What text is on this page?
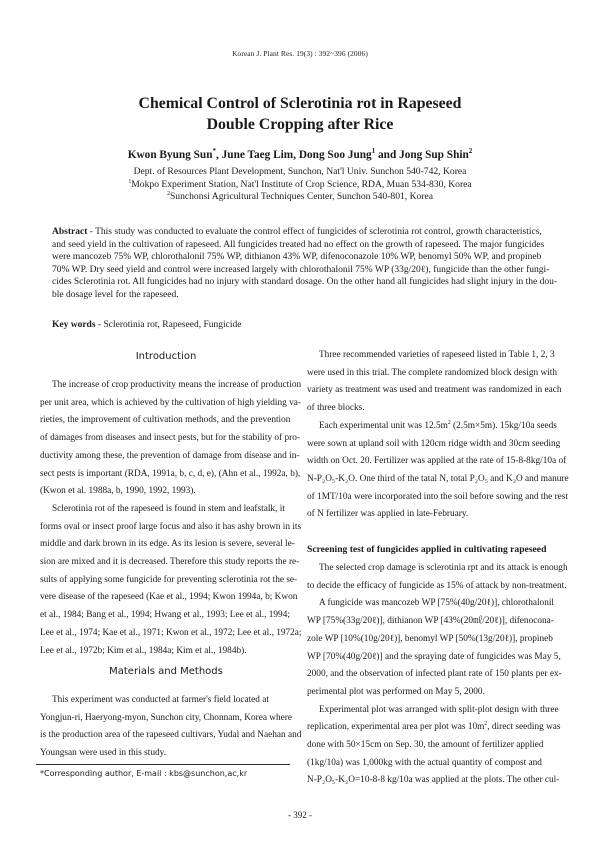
Korean J. Plant Res. 19(3) : 392~396 (2006)
Chemical Control of Sclerotinia rot in Rapeseed
Double Cropping after Rice
Kwon Byung Sun*, June Taeg Lim, Dong Soo Jung$^1$ and Jong Sup Shin$^2$
Dept. of Resources Plant Development, Sunchon, Nat'l Univ. Sunchon 540-742, Korea
$^1$Mokpo Experiment Station, Nat'l Institute of Crop Science, RDA, Muan 534-830, Korea
$^2$Sunchonsi Agricultural Techniques Center, Sunchon 540-801, Korea
Abstract - This study was conducted to evaluate the control effect of fungicides of sclerotinia rot control, growth characteristics,
and seed yield in the cultivation of rapeseed. All fungicides treated had no effect on the growth of rapeseed. The major fungicides
were mancozeb 75% WP, chlorothalonil 75% WP, dithianon 43% WP, difenoconazole 10% WP, benomyl 50% WP, and propineb
70% WP. Dry seed yield and control were increased largely with chlorothalonil 75% WP (33g/20ℓ), fungicide than the other fungi-
cides Sclerotinia rot. All fungicides had no injury with standard dosage. On the other hand all fungicides had slight injury in the dou-
ble dosage level for the rapeseed.
Key words - Sclerotinia rot, Rapeseed, Fungicide
Introduction
The increase of crop productivity means the increase of production
per unit area, which is achieved by the cultivation of high yielding va-
rieties, the improvement of cultivation methods, and the prevention
of damages from diseases and insect pests, but for the stability of pro-
ductivity among these, the prevention of damage from disease and in-
sect pests is important (RDA, 1991a, b, c, d, e), (Ahn et al., 1992a, b),
(Kwon et al. 1988a, b, 1990, 1992, 1993).
Sclerotinia rot of the rapeseed is found in stem and leafstalk, it
forms oval or insect proof large focus and also it has ashy brown in its
middle and dark brown in its edge. As its lesion is severe, several le-
sion are mixed and it is decreased. Therefore this study reports the re-
sults of applying some fungicide for preventing sclerotinia rot the se-
vere disease of the rapeseed (Kae et al., 1994; Kwon 1994a, b; Kwon
et al., 1984; Bang et al., 1994; Hwang et al., 1993; Lee et al., 1994;
Lee et al., 1974; Kae et al., 1971; Kwon et al., 1972; Lee et al., 1972a;
Lee et al., 1972b; Kim et al., 1984a; Kim et al., 1984b).
Materials and Methods
This experiment was conducted at farmer's field located at
Yongjun-ri, Haeryong-myon, Sunchon city, Chonnam, Korea where
is the production area of the rapeseed cultivars, Yudal and Naehan and
Youngsan were used in this study.
*Corresponding author, E-mail : kbs@sunchon,ac,kr
Three recommended varieties of rapeseed listed in Table 1, 2, 3
were used in this trial. The complete randomized block design with
variety as treatment was used and treatment was randomized in each
of three blocks.
Each experimental unit was $12.5m^2$ (2.5m×5m). 15kg/10a seeds
were sown at upland soil with 120cm ridge width and 30cm seeding
width on Oct. 20. Fertilizer was applied at the rate of 15-8-8kg/10a of
N-P₂O₅-K₂O. One third of the tatal N, total P₂O₅ and K₂O and manure
of 1MT/10a were incorporated into the soil before sowing and the rest
of N fertilizer was applied in late-February.
Screening test of fungicides applied in cultivating rapeseed
The selected crop damage is sclerotinia rpt and its attack is enough
to decide the efficacy of fungicide as 15% of attack by non-treatment.
A fungicide was mancozeb WP [75%(40g/20ℓ)], chlorothalonil
WP [75%(33g/20ℓ)], dithianon WP [43%(20㎖/20ℓ)], difenocona-
zole WP [10%(10g/20ℓ)], benomyl WP [50%(13g/20ℓ)], propineb
WP [70%(40g/20ℓ)] and the spraying date of fungicides was May 5,
2000, and the observation of infected plant rate of 150 plants per ex-
perimental plot was performed on May 5, 2000.
Experimental plot was arranged with split-plot design with three
replication, experimental area per plot was $10m^2$, direct seeding was
done with 50×15cm on Sep. 30, the amount of fertilizer applied
(1kg/10a) was 1,000kg with the actual quantity of compost and
N-P₂O₅-K₂O=10-8-8 kg/10a was applied at the plots. The other cul-
- 392 -
